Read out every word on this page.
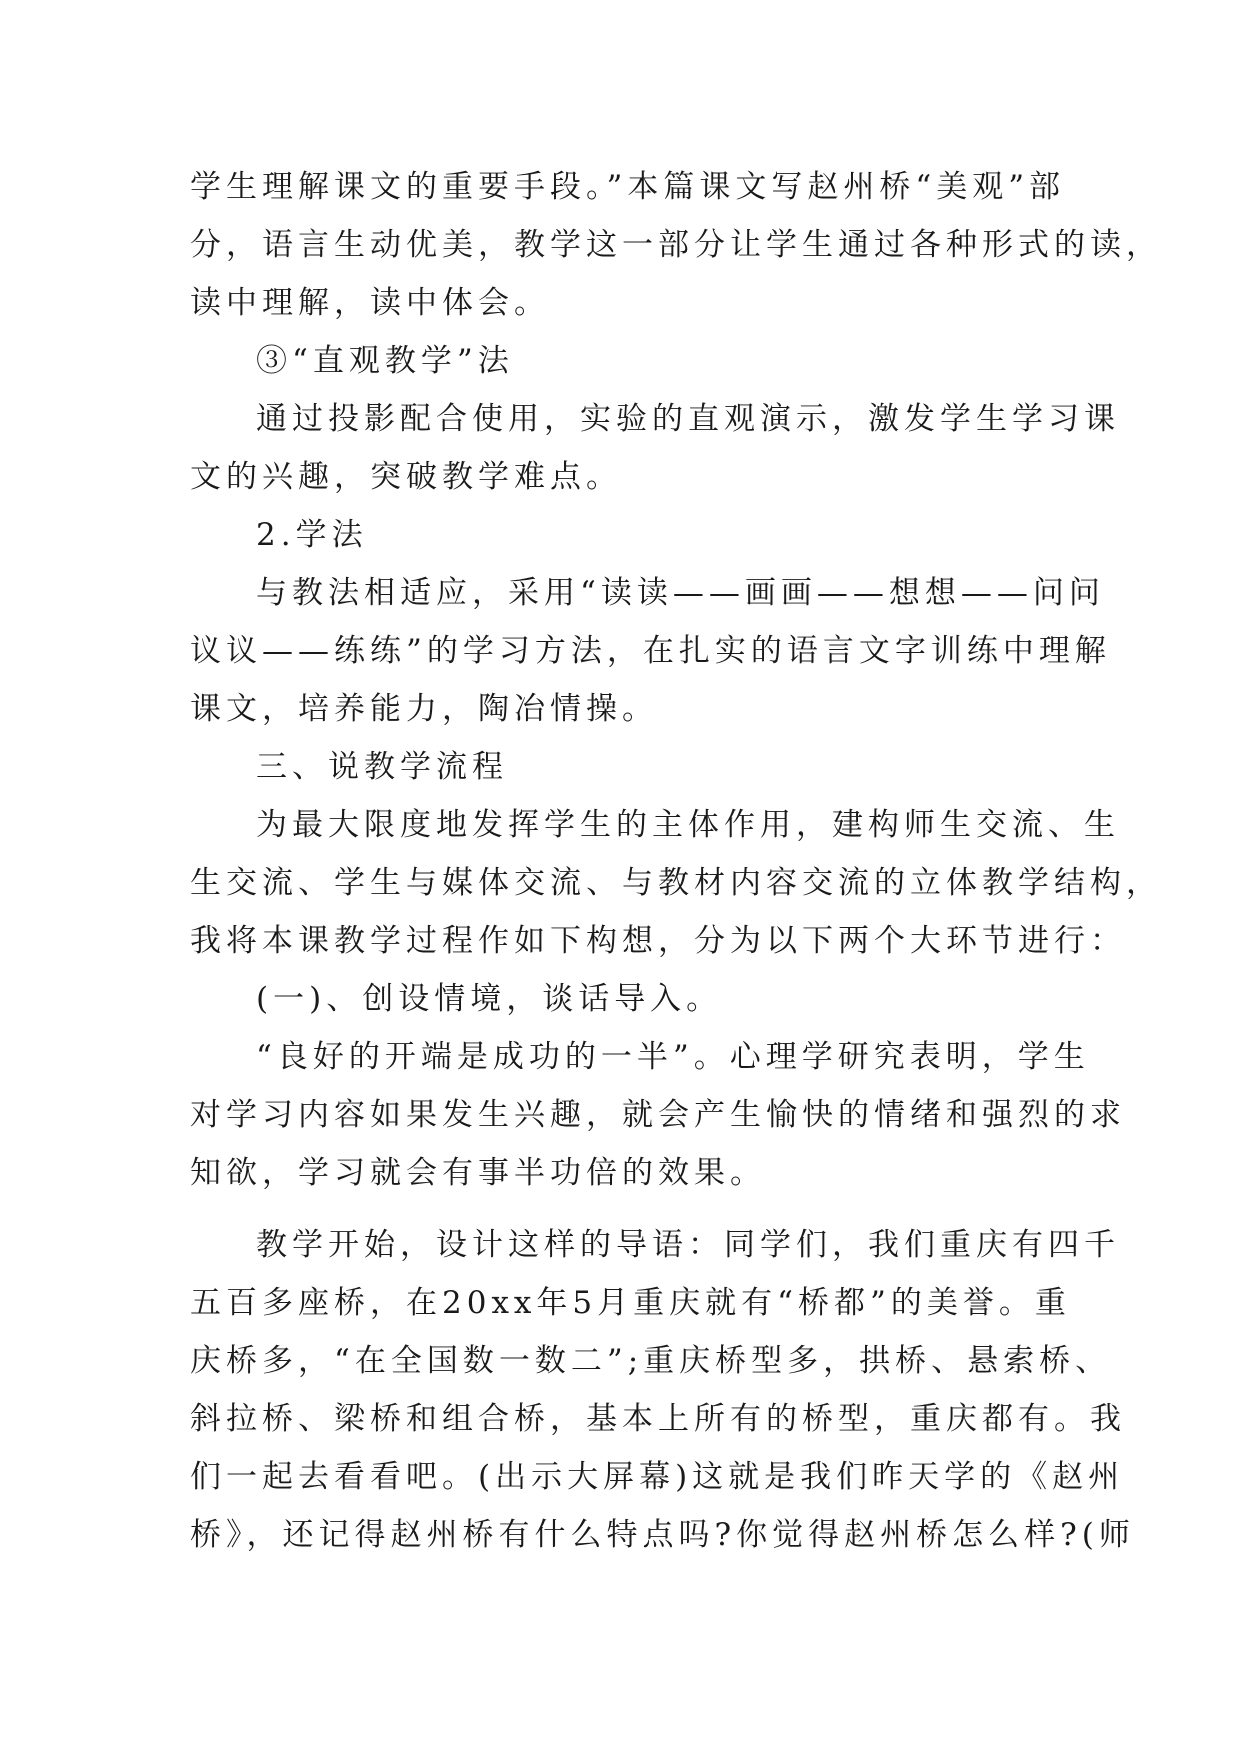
学生理解课文的重要手段。”本篇课文写赵州桥“美观”部
分，语言生动优美，教学这一部分让学生通过各种形式的读，
读中理解，读中体会。
③“直观教学”法
通过投影配合使用，实验的直观演示，激发学生学习课
文的兴趣，突破教学难点。
2.学法
与教法相适应，采用“读读——画画——想想——问问
议议——练练”的学习方法，在扎实的语言文字训练中理解
课文，培养能力，陶冶情操。
三、说教学流程
为最大限度地发挥学生的主体作用，建构师生交流、生
生交流、学生与媒体交流、与教材内容交流的立体教学结构，
我将本课教学过程作如下构想，分为以下两个大环节进行：
(一)、创设情境，谈话导入。
“良好的开端是成功的一半”。心理学研究表明，学生
对学习内容如果发生兴趣，就会产生愉快的情绪和强烈的求
知欲，学习就会有事半功倍的效果。
教学开始，设计这样的导语：同学们，我们重庆有四千
五百多座桥，在20xx年5月重庆就有“桥都”的美誉。重
庆桥多，“在全国数一数二”;重庆桥型多，拱桥、悬索桥、
斜拉桥、梁桥和组合桥，基本上所有的桥型，重庆都有。我
们一起去看看吧。(出示大屏幕)这就是我们昨天学的《赵州
桥》，还记得赵州桥有什么特点吗?你觉得赵州桥怎么样?(师
